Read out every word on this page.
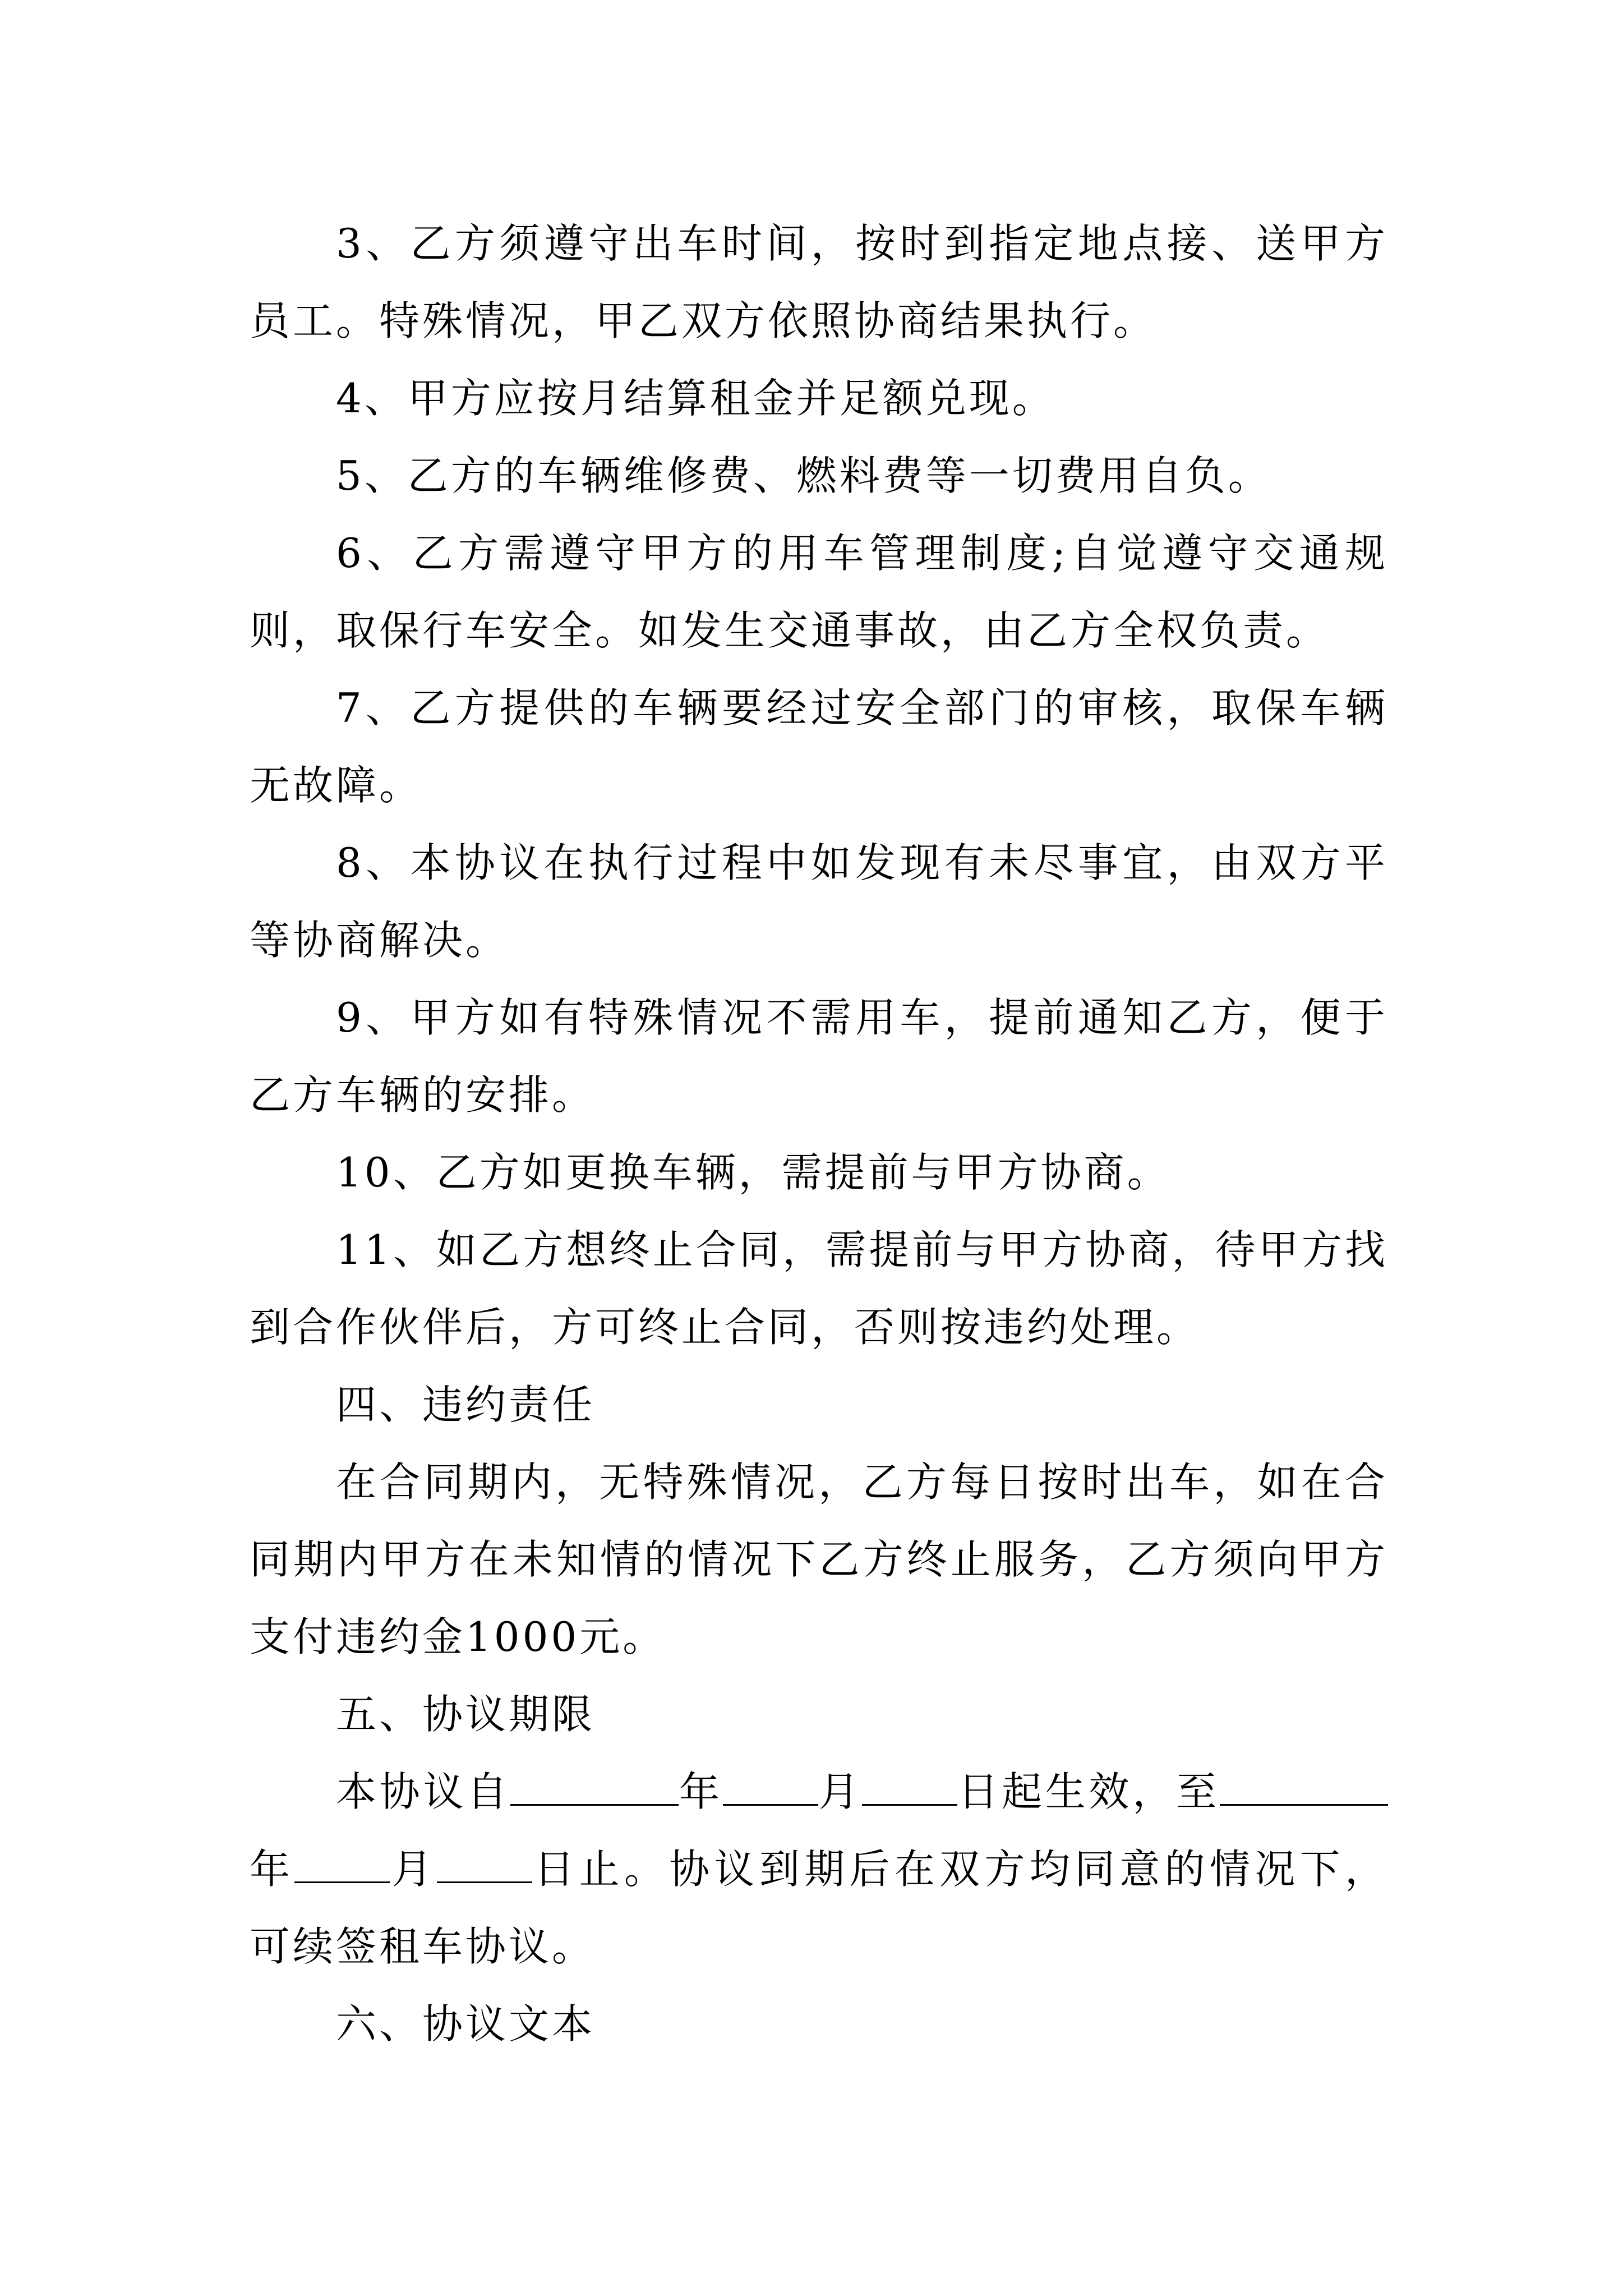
3、乙方须遵守出车时间，按时到指定地点接、送甲方员工。特殊情况，甲乙双方依照协商结果执行。

4、甲方应按月结算租金并足额兑现。

5、乙方的车辆维修费、燃料费等一切费用自负。

6、乙方需遵守甲方的用车管理制度;自觉遵守交通规则，取保行车安全。如发生交通事故，由乙方全权负责。

7、乙方提供的车辆要经过安全部门的审核，取保车辆无故障。

8、本协议在执行过程中如发现有未尽事宜，由双方平等协商解决。

9、甲方如有特殊情况不需用车，提前通知乙方，便于乙方车辆的安排。

10、乙方如更换车辆，需提前与甲方协商。

11、如乙方想终止合同，需提前与甲方协商，待甲方找到合作伙伴后，方可终止合同，否则按违约处理。

四、违约责任

在合同期内，无特殊情况，乙方每日按时出车，如在合同期内甲方在未知情的情况下乙方终止服务，乙方须向甲方支付违约金1000元。

五、协议期限

本协议自	年 月 日起生效，至年 月 日止。协议到期后在双方均同意的情况下，可续签租车协议。

六、协议文本
